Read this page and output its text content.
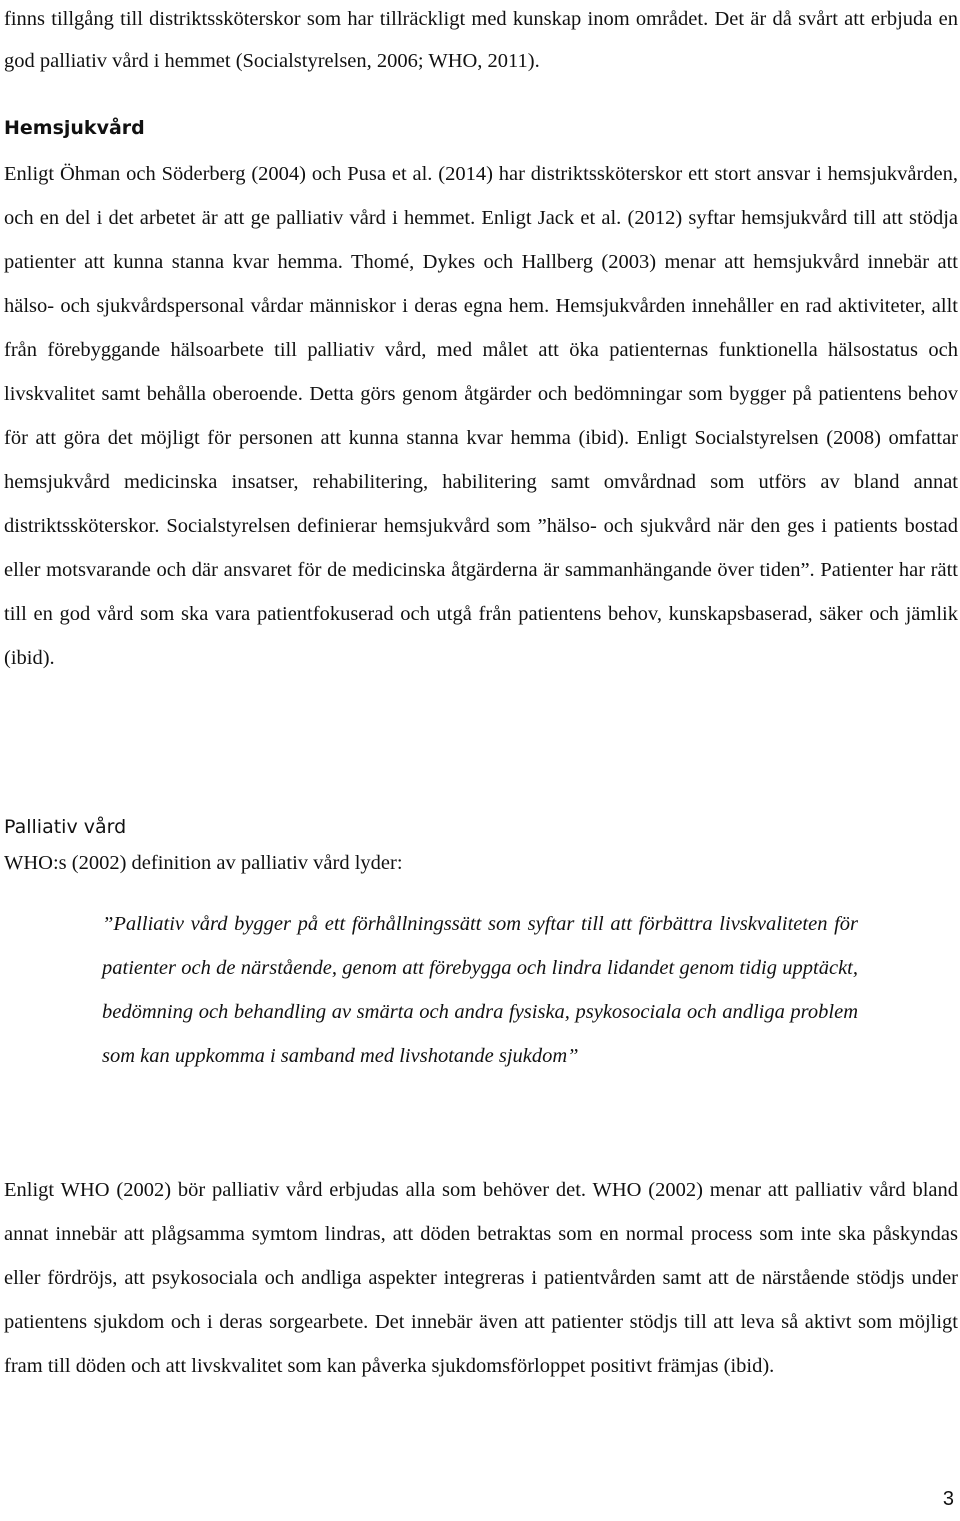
finns tillgång till distriktssköterskor som har tillräckligt med kunskap inom området. Det är då svårt att erbjuda en god palliativ vård i hemmet (Socialstyrelsen, 2006; WHO, 2011).

Hemsjukvård

Enligt Öhman och Söderberg (2004) och Pusa et al. (2014) har distriktssköterskor ett stort ansvar i hemsjukvården, och en del i det arbetet är att ge palliativ vård i hemmet. Enligt Jack et al. (2012) syftar hemsjukvård till att stödja patienter att kunna stanna kvar hemma. Thomé, Dykes och Hallberg (2003) menar att hemsjukvård innebär att hälso- och sjukvårdspersonal vårdar människor i deras egna hem. Hemsjukvården innehåller en rad aktiviteter, allt från förebyggande hälsoarbete till palliativ vård, med målet att öka patienternas funktionella hälsostatus och livskvalitet samt behålla oberoende. Detta görs genom åtgärder och bedömningar som bygger på patientens behov för att göra det möjligt för personen att kunna stanna kvar hemma (ibid). Enligt Socialstyrelsen (2008) omfattar hemsjukvård medicinska insatser, rehabilitering, habilitering samt omvårdnad som utförs av bland annat distriktssköterskor. Socialstyrelsen definierar hemsjukvård som ”hälso- och sjukvård när den ges i patients bostad eller motsvarande och där ansvaret för de medicinska åtgärderna är sammanhängande över tiden”. Patienter har rätt till en god vård som ska vara patientfokuserad och utgå från patientens behov, kunskapsbaserad, säker och jämlik (ibid).

Palliativ vård

WHO:s (2002) definition av palliativ vård lyder:

”Palliativ vård bygger på ett förhållningssätt som syftar till att förbättra livskvaliteten för patienter och de närstående, genom att förebygga och lindra lidandet genom tidig upptäckt, bedömning och behandling av smärta och andra fysiska, psykosociala och andliga problem som kan uppkomma i samband med livshotande sjukdom”

Enligt WHO (2002) bör palliativ vård erbjudas alla som behöver det. WHO (2002) menar att palliativ vård bland annat innebär att plågsamma symtom lindras, att döden betraktas som en normal process som inte ska påskyndas eller fördröjs, att psykosociala och andliga aspekter integreras i patientvården samt att de närstående stödjs under patientens sjukdom och i deras sorgearbete. Det innebär även att patienter stödjs till att leva så aktivt som möjligt fram till döden och att livskvalitet som kan påverka sjukdomsförloppet positivt främjas (ibid).

3
